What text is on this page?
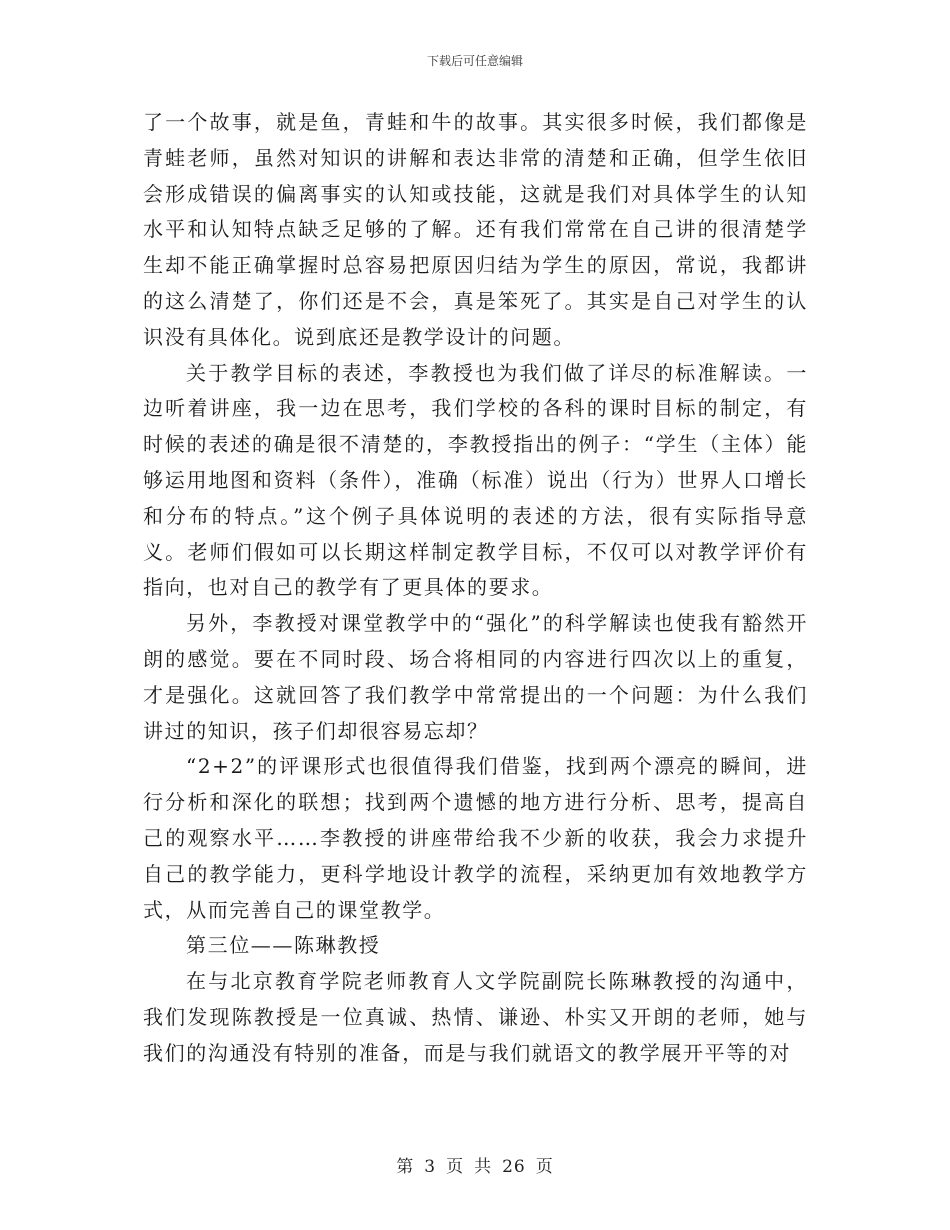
下载后可任意编辑

了一个故事，就是鱼，青蛙和牛的故事。其实很多时候，我们都像是青蛙老师，虽然对知识的讲解和表达非常的清楚和正确，但学生依旧会形成错误的偏离事实的认知或技能，这就是我们对具体学生的认知水平和认知特点缺乏足够的了解。还有我们常常在自己讲的很清楚学生却不能正确掌握时总容易把原因归结为学生的原因，常说，我都讲的这么清楚了，你们还是不会，真是笨死了。其实是自己对学生的认识没有具体化。说到底还是教学设计的问题。

关于教学目标的表述，李教授也为我们做了详尽的标准解读。一边听着讲座，我一边在思考，我们学校的各科的课时目标的制定，有时候的表述的确是很不清楚的，李教授指出的例子：“学生（主体）能够运用地图和资料（条件），准确（标准）说出（行为）世界人口增长和分布的特点。”这个例子具体说明的表述的方法，很有实际指导意义。老师们假如可以长期这样制定教学目标，不仅可以对教学评价有指向，也对自己的教学有了更具体的要求。

另外，李教授对课堂教学中的“强化”的科学解读也使我有豁然开朗的感觉。要在不同时段、场合将相同的内容进行四次以上的重复，才是强化。这就回答了我们教学中常常提出的一个问题：为什么我们讲过的知识，孩子们却很容易忘却？

“2+2”的评课形式也很值得我们借鉴，找到两个漂亮的瞬间，进行分析和深化的联想；找到两个遗憾的地方进行分析、思考，提高自己的观察水平……李教授的讲座带给我不少新的收获，我会力求提升自己的教学能力，更科学地设计教学的流程，采纳更加有效地教学方式，从而完善自己的课堂教学。

第三位——陈琳教授

在与北京教育学院老师教育人文学院副院长陈琳教授的沟通中，我们发现陈教授是一位真诚、热情、谦逊、朴实又开朗的老师，她与我们的沟通没有特别的准备，而是与我们就语文的教学展开平等的对

第 3 页 共 26 页
